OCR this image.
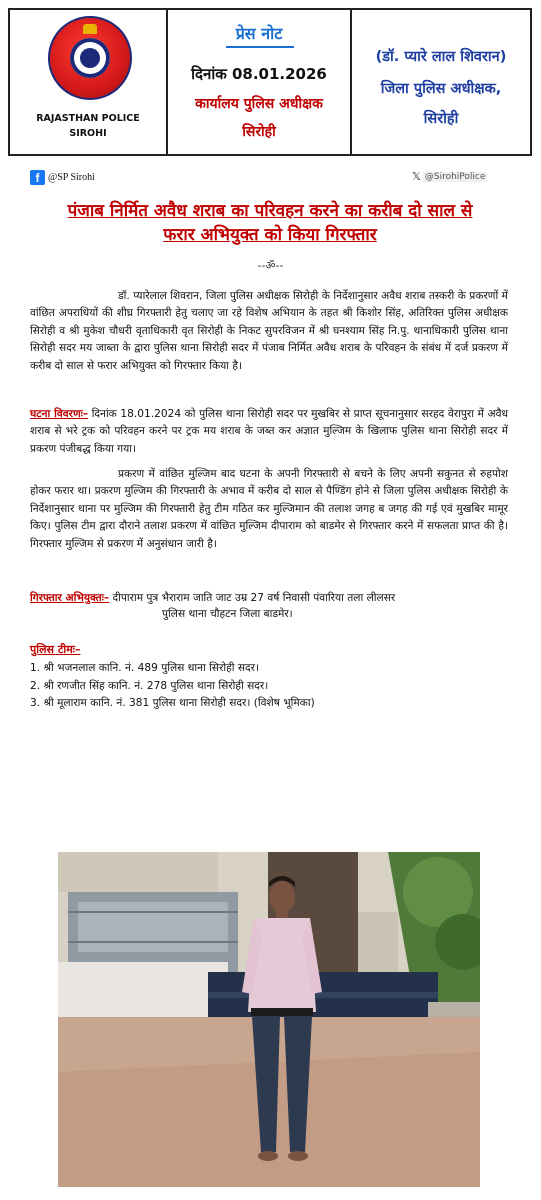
RAJASTHAN POLICE
SIROHI
प्रेस नोट
दिनांक 08.01.2026
कार्यालय पुलिस अधीक्षक
सिरोही
(डॉ. प्यारे लाल शिवरान)
जिला पुलिस अधीक्षक,
सिरोही
f @SP Sirohi	𝕏 @SirohiPolice
पंजाब निर्मित अवैध शराब का परिवहन करने का करीब दो साल से
फरार अभियुक्त को किया गिरफ्तार
--ॐ--
डॉ. प्यारेलाल शिवरान, जिला पुलिस अधीक्षक सिरोही के निर्देशानुसार अवैध शराब तस्करी के प्रकरणों में वांछित अपराधियों की शीघ्र गिरफ्तारी हेतु चलाए जा रहे विशेष अभियान के तहत श्री किशोर सिंह, अतिरिक्त पुलिस अधीक्षक सिरोही व श्री मुकेश चौधरी वृताधिकारी वृत सिरोही के निकट सुपरविजन में श्री घनश्याम सिंह नि.पु. थानाधिकारी पुलिस थाना सिरोही सदर मय जाब्ता के द्वारा पुलिस थाना सिरोही सदर में पंजाब निर्मित अवैध शराब के परिवहन के संबंध में दर्ज प्रकरण में करीब दो साल से फरार अभियुक्त को गिरफ्तार किया है।
घटना विवरणः– दिनांक 18.01.2024 को पुलिस थाना सिरोही सदर पर मुखबिर से प्राप्त सूचनानुसार सरहद वेरापुरा में अवैध शराब से भरे ट्रक को परिवहन करने पर ट्रक मय शराब के जब्त कर अज्ञात मुल्जिम के खिलाफ पुलिस थाना सिरोही सदर में प्रकरण पंजीबद्ध किया गया।
प्रकरण में वांछित मुल्जिम बाद घटना के अपनी गिरफ्तारी से बचने के लिए अपनी सकुनत से रुहपोश होकर फरार था। प्रकरण मुल्जिम की गिरफ्तारी के अभाव में करीब दो साल से पैण्डिंग होने से जिला पुलिस अधीक्षक सिरोही के निर्देशानुसार थाना पर मुल्जिम की गिरफ्तारी हेतु टीम गठित कर मुल्जिमान की तलाश जगह ब जगह की गई एवं मुखबिर मामूर किए। पुलिस टीम द्वारा दौराने तलाश प्रकरण में वांछित मुल्जिम दीपाराम को बाडमेर से गिरफ्तार करने में सफलता प्राप्त की है। गिरफ्तार मुल्जिम से प्रकरण में अनुसंधान जारी है।
गिरफ्तार अभियुक्तः– दीपाराम पुत्र भैराराम जाति जाट उम्र 27 वर्ष निवासी पंवारिया तला लीलसर
पुलिस थाना चौहटन जिला बाडमेर।
पुलिस टीमः–
1. श्री भजनलाल कानि. नं. 489 पुलिस थाना सिरोही सदर।
2. श्री रणजीत सिंह कानि. नं. 278 पुलिस थाना सिरोही सदर।
3. श्री मूलाराम कानि. नं. 381 पुलिस थाना सिरोही सदर। (विशेष भूमिका)
